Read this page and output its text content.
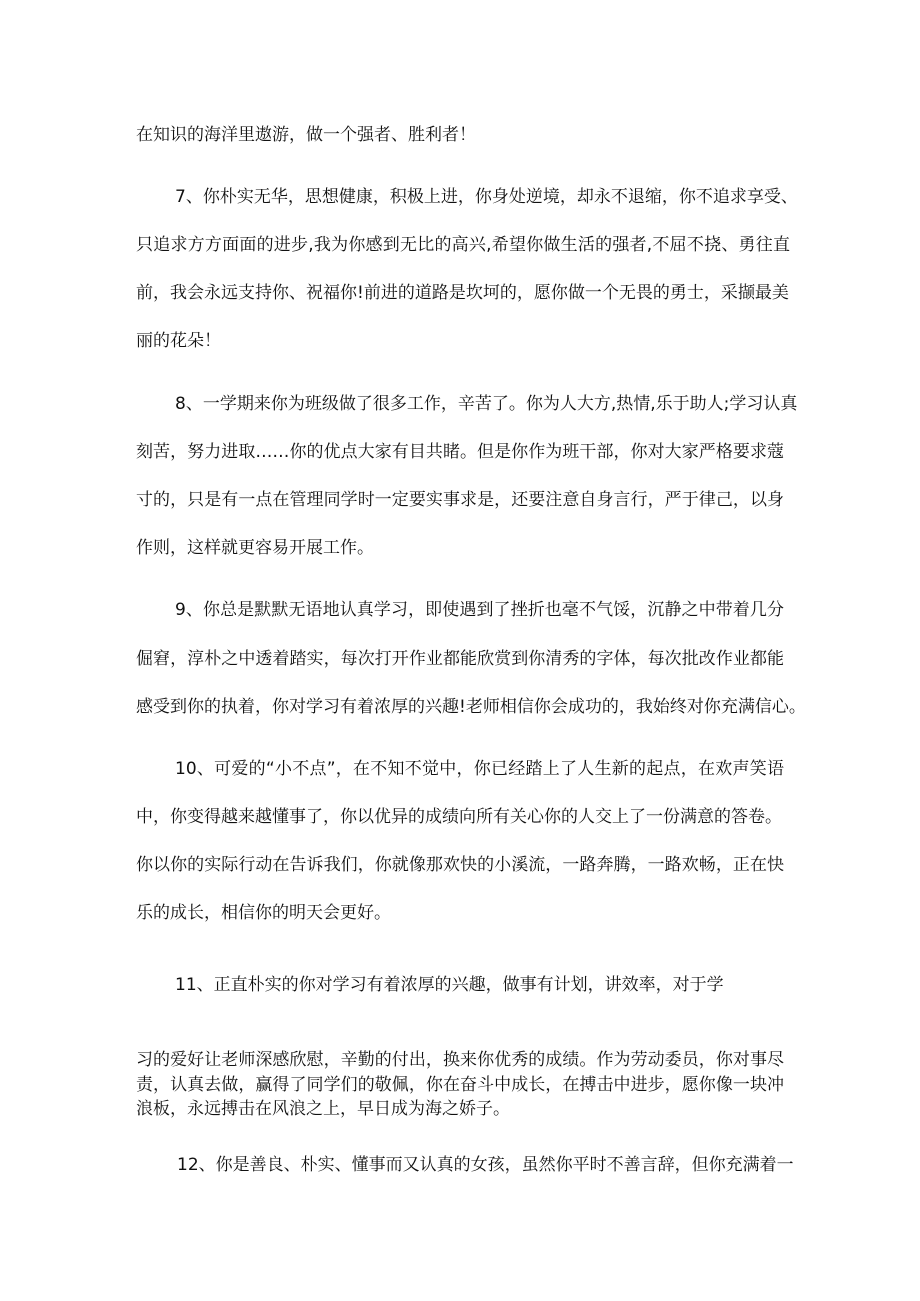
在知识的海洋里遨游，做一个强者、胜利者！
7、你朴实无华，思想健康，积极上进，你身处逆境，却永不退缩，你不追求享受、
只追求方方面面的进步,我为你感到无比的高兴,希望你做生活的强者,不屈不挠、勇往直
前，我会永远支持你、祝福你!前进的道路是坎坷的，愿你做一个无畏的勇士，采撷最美
丽的花朵！
8、一学期来你为班级做了很多工作，辛苦了。你为人大方,热情,乐于助人;学习认真
刻苦，努力进取……你的优点大家有目共睹。但是你作为班干部，你对大家严格要求蔻
寸的，只是有一点在管理同学时一定要实事求是，还要注意自身言行，严于律己，以身
作则，这样就更容易开展工作。
9、你总是默默无语地认真学习，即使遇到了挫折也毫不气馁，沉静之中带着几分
倔窘，淳朴之中透着踏实，每次打开作业都能欣赏到你清秀的字体，每次批改作业都能
感受到你的执着，你对学习有着浓厚的兴趣!老师相信你会成功的，我始终对你充满信心。
10、可爱的“小不点”，在不知不觉中，你已经踏上了人生新的起点，在欢声笑语
中，你变得越来越懂事了，你以优异的成绩向所有关心你的人交上了一份满意的答卷。
你以你的实际行动在告诉我们，你就像那欢快的小溪流，一路奔腾，一路欢畅，正在快
乐的成长，相信你的明天会更好。
11、正直朴实的你对学习有着浓厚的兴趣，做事有计划，讲效率，对于学
习的爱好让老师深感欣慰，辛勤的付出，换来你优秀的成绩。作为劳动委员，你对事尽
责，认真去做，赢得了同学们的敬佩，你在奋斗中成长，在搏击中进步，愿你像一块冲
浪板，永远搏击在风浪之上，早日成为海之娇子。
12、你是善良、朴实、懂事而又认真的女孩，虽然你平时不善言辞，但你充满着一
